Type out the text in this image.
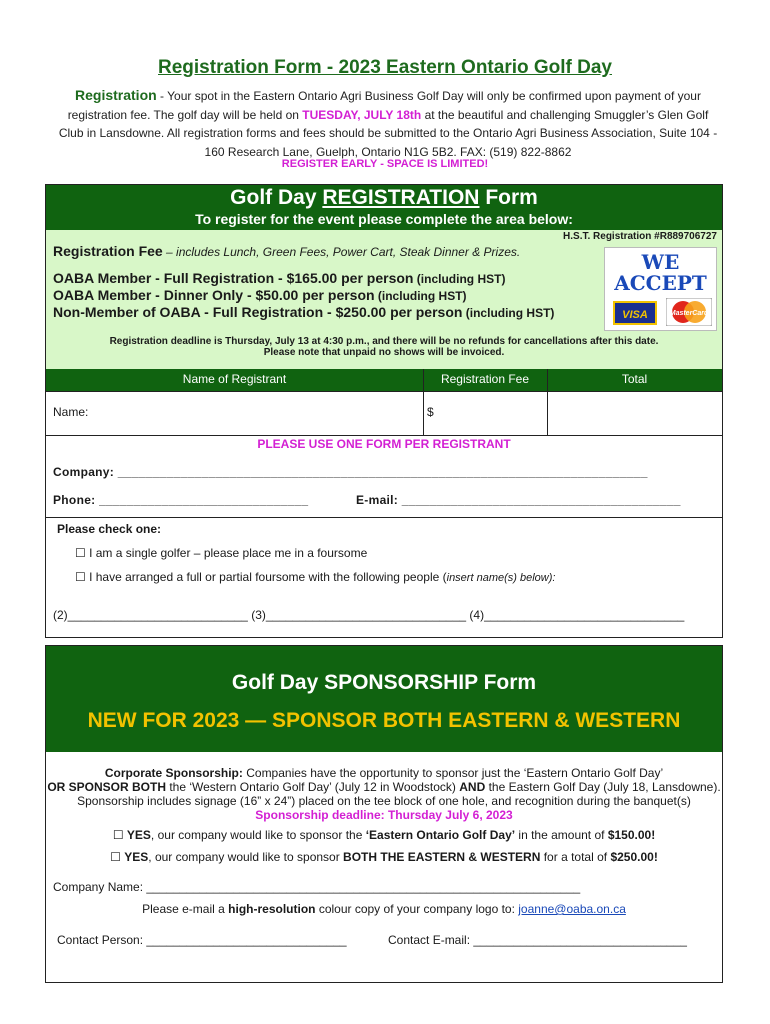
Registration Form - 2023 Eastern Ontario Golf Day
Registration - Your spot in the Eastern Ontario Agri Business Golf Day will only be confirmed upon payment of your registration fee. The golf day will be held on TUESDAY, JULY 18th at the beautiful and challenging Smuggler’s Glen Golf Club in Lansdowne. All registration forms and fees should be submitted to the Ontario Agri Business Association, Suite 104 - 160 Research Lane, Guelph, Ontario N1G 5B2. FAX: (519) 822-8862
REGISTER EARLY - SPACE IS LIMITED!
Golf Day REGISTRATION Form
To register for the event please complete the area below:
H.S.T. Registration #R889706727
Registration Fee – includes Lunch, Green Fees, Power Cart, Steak Dinner & Prizes.
OABA Member - Full Registration - $165.00 per person (including HST)
OABA Member - Dinner Only - $50.00 per person (including HST)
Non-Member of OABA - Full Registration - $250.00 per person (including HST)
WE
ACCEPT
VISA	MasterCard
Registration deadline is Thursday, July 13 at 4:30 p.m., and there will be no refunds for cancellations after this date.
Please note that unpaid no shows will be invoiced.
Name of Registrant	Registration Fee	Total
Name:	$
PLEASE USE ONE FORM PER REGISTRANT
Company: ____________________________________________________________________________
Phone: ______________________________	E-mail: ________________________________________
Please check one:
☐ I am a single golfer – please place me in a foursome
☐ I have arranged a full or partial foursome with the following people (insert name(s) below):
(2)___________________________ (3)______________________________ (4)______________________________
Golf Day SPONSORSHIP Form
NEW FOR 2023 — SPONSOR BOTH EASTERN & WESTERN
Corporate Sponsorship: Companies have the opportunity to sponsor just the ‘Eastern Ontario Golf Day’
OR SPONSOR BOTH the ‘Western Ontario Golf Day’ (July 12 in Woodstock) AND the Eastern Golf Day (July 18, Lansdowne).
Sponsorship includes signage (16” x 24”) placed on the tee block of one hole, and recognition during the banquet(s)
Sponsorship deadline: Thursday July 6, 2023
☐ YES, our company would like to sponsor the ‘Eastern Ontario Golf Day’ in the amount of $150.00!
☐ YES, our company would like to sponsor BOTH THE EASTERN & WESTERN for a total of $250.00!
Company Name: _________________________________________________________________
Please e-mail a high-resolution colour copy of your company logo to: joanne@oaba.on.ca
Contact Person: ______________________________	Contact E-mail: ________________________________
